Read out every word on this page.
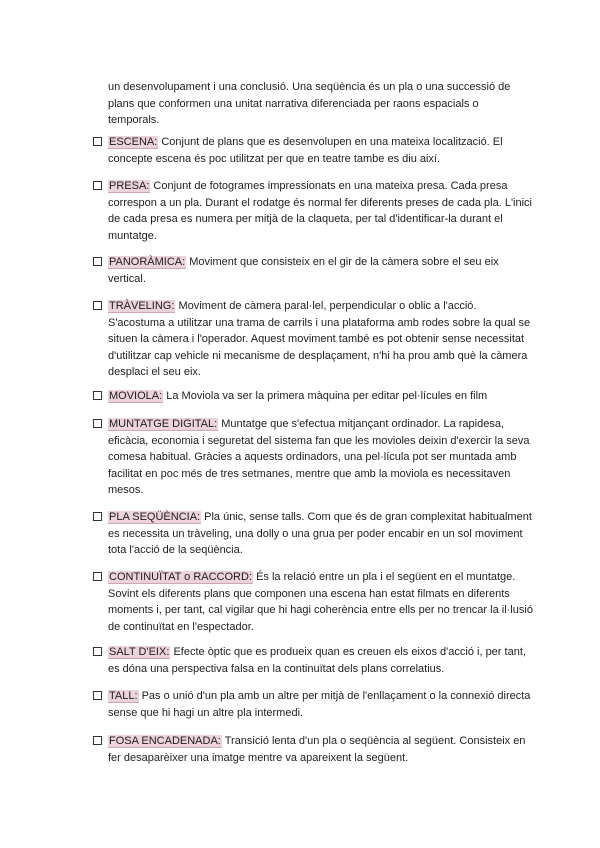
un desenvolupament i una conclusió. Una seqüència és un pla o una successió de plans que conformen una unitat narrativa diferenciada per raons espacials o temporals.

ESCENA: Conjunt de plans que es desenvolupen en una mateixa localització. El concepte escena és poc utilitzat per que en teatre tambe es diu així.
PRESA: Conjunt de fotogrames impressionats en una mateixa presa. Cada presa correspon a un pla. Durant el rodatge és normal fer diferents preses de cada pla. L'inici de cada presa es numera per mitjà de la claqueta, per tal d'identificar-la durant el muntatge.
PANORÀMICA: Moviment que consisteix en el gir de la càmera sobre el seu eix vertical.
TRÀVELING: Moviment de càmera paral·lel, perpendicular o oblic a l'acció. S'acostuma a utilitzar una trama de carrils i una plataforma amb rodes sobre la qual se situen la càmera i l'operador. Aquest moviment també es pot obtenir sense necessitat d'utilitzar cap vehicle ni mecanisme de desplaçament, n'hi ha prou amb què la càmera desplaci el seu eix.
MOVIOLA: La Moviola va ser la primera màquina per editar pel·lícules en film
MUNTATGE DIGITAL: Muntatge que s'efectua mitjançant ordinador. La rapidesa, eficàcia, economia i seguretat del sistema fan que les movioles deixin d'exercir la seva comesa habitual. Gràcies a aquests ordinadors, una pel·lícula pot ser muntada amb facilitat en poc més de tres setmanes, mentre que amb la moviola es necessitaven mesos.
PLA SEQÜÈNCIA: Pla únic, sense talls. Com que és de gran complexitat habitualment es necessita un tràveling, una dolly o una grua per poder encabir en un sol moviment tota l'acció de la seqüència.
CONTINUÏTAT o RACCORD: És la relació entre un pla i el següent en el muntatge. Sovint els diferents plans que componen una escena han estat filmats en diferents moments i, per tant, cal vigilar que hi hagi coherència entre ells per no trencar la il·lusió de continuïtat en l'espectador.
SALT D'EIX: Efecte òptic que es produeix quan es creuen els eixos d'acció i, per tant, es dóna una perspectiva falsa en la continuïtat dels plans correlatius.
TALL: Pas o unió d'un pla amb un altre per mitjà de l'enllaçament o la connexió directa sense que hi hagi un altre pla intermedi.
FOSA ENCADENADA: Transició lenta d'un pla o seqüència al següent. Consisteix en fer desaparèixer una imatge mentre va apareixent la següent.
